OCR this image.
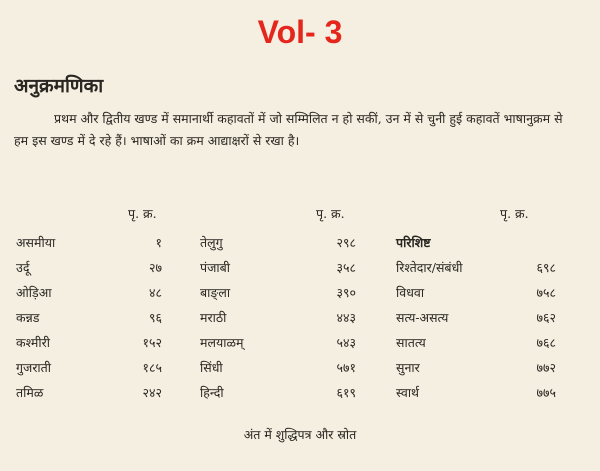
Vol- 3
अनुक्रमणिका

प्रथम और द्वितीय खण्ड में समानार्थी कहावतों में जो सम्मिलित न हो सकीं, उन में से चुनी हुई कहावतें भाषानुक्रम से हम इस खण्ड में दे रहे हैं। भाषाओं का क्रम आद्याक्षरों से रखा है।

पृ. क्र.	पृ. क्र.	पृ. क्र.
असमीया	१	तेलुगु	२९८	परिशिष्ट
उर्दू	२७	पंजाबी	३५८	रिश्तेदार/संबंधी	६९८
ओड़िआ	४८	बाङ्ला	३९०	विधवा	७५८
कन्नड	९६	मराठी	४४३	सत्य-असत्य	७६२
कश्मीरी	१५२	मलयाळम्	५४३	सातत्य	७६८
गुजराती	१८५	सिंधी	५७१	सुनार	७७२
तमिळ	२४२	हिन्दी	६१९	स्वार्थ	७७५
अंत में शुद्धिपत्र और स्रोत
